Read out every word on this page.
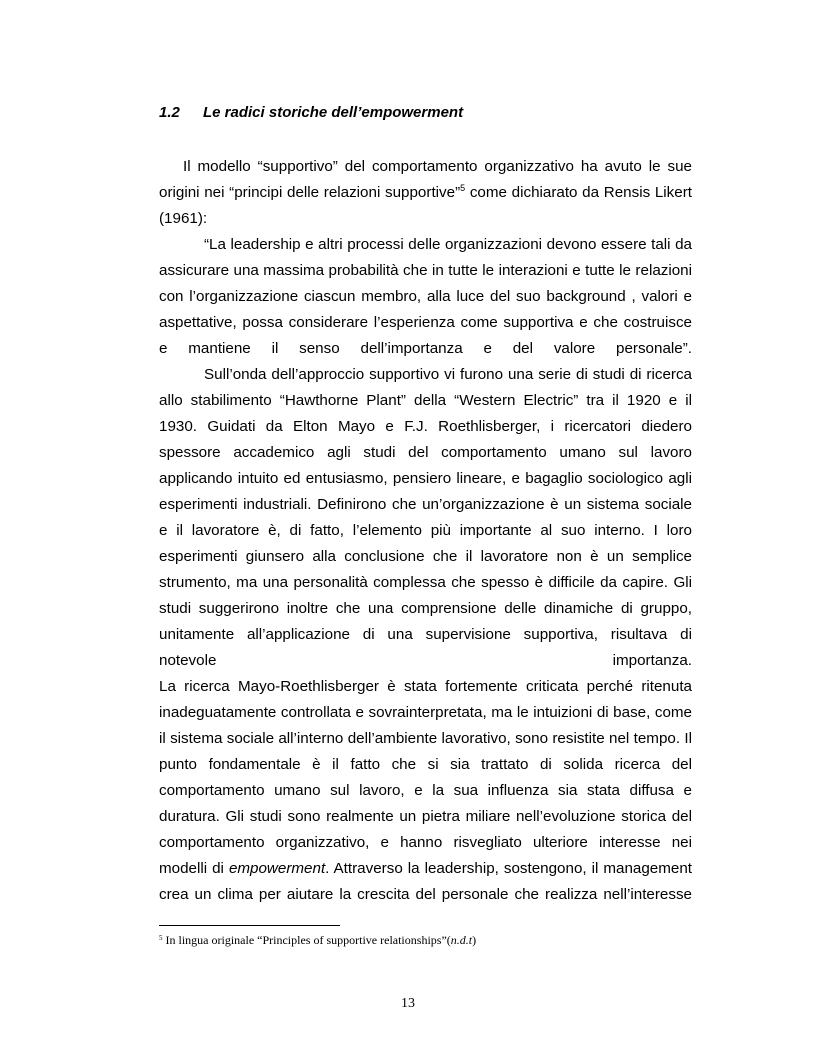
1.2 Le radici storiche dell’empowerment

Il modello “supportivo” del comportamento organizzativo ha avuto le sue origini nei “principi delle relazioni supportive”$^5$ come dichiarato da Rensis Likert (1961):

“La leadership e altri processi delle organizzazioni devono essere tali da assicurare una massima probabilità che in tutte le interazioni e tutte le relazioni con l’organizzazione ciascun membro, alla luce del suo background , valori e aspettative, possa considerare l’esperienza come supportiva e che costruisce e mantiene il senso dell’importanza e del valore personale”.

Sull’onda dell’approccio supportivo vi furono una serie di studi di ricerca allo stabilimento “Hawthorne Plant” della “Western Electric” tra il 1920 e il 1930. Guidati da Elton Mayo e F.J. Roethlisberger, i ricercatori diedero spessore accademico agli studi del comportamento umano sul lavoro applicando intuito ed entusiasmo, pensiero lineare, e bagaglio sociologico agli esperimenti industriali. Definirono che un’organizzazione è un sistema sociale e il lavoratore è, di fatto, l’elemento più importante al suo interno. I loro esperimenti giunsero alla conclusione che il lavoratore non è un semplice strumento, ma una personalità complessa che spesso è difficile da capire. Gli studi suggerirono inoltre che una comprensione delle dinamiche di gruppo, unitamente all’applicazione di una supervisione supportiva, risultava di notevole importanza.

La ricerca Mayo-Roethlisberger è stata fortemente criticata perché ritenuta inadeguatamente controllata e sovrainterpretata, ma le intuizioni di base, come il sistema sociale all’interno dell’ambiente lavorativo, sono resistite nel tempo. Il punto fondamentale è il fatto che si sia trattato di solida ricerca del comportamento umano sul lavoro, e la sua influenza sia stata diffusa e duratura. Gli studi sono realmente un pietra miliare nell’evoluzione storica del comportamento organizzativo, e hanno risvegliato ulteriore interesse nei modelli di empowerment. Attraverso la leadership, sostengono, il management crea un clima per aiutare la crescita del personale che realizza nell’interesse

$^5$ In lingua originale “Principles of supportive relationships”(n.d.t)
13
